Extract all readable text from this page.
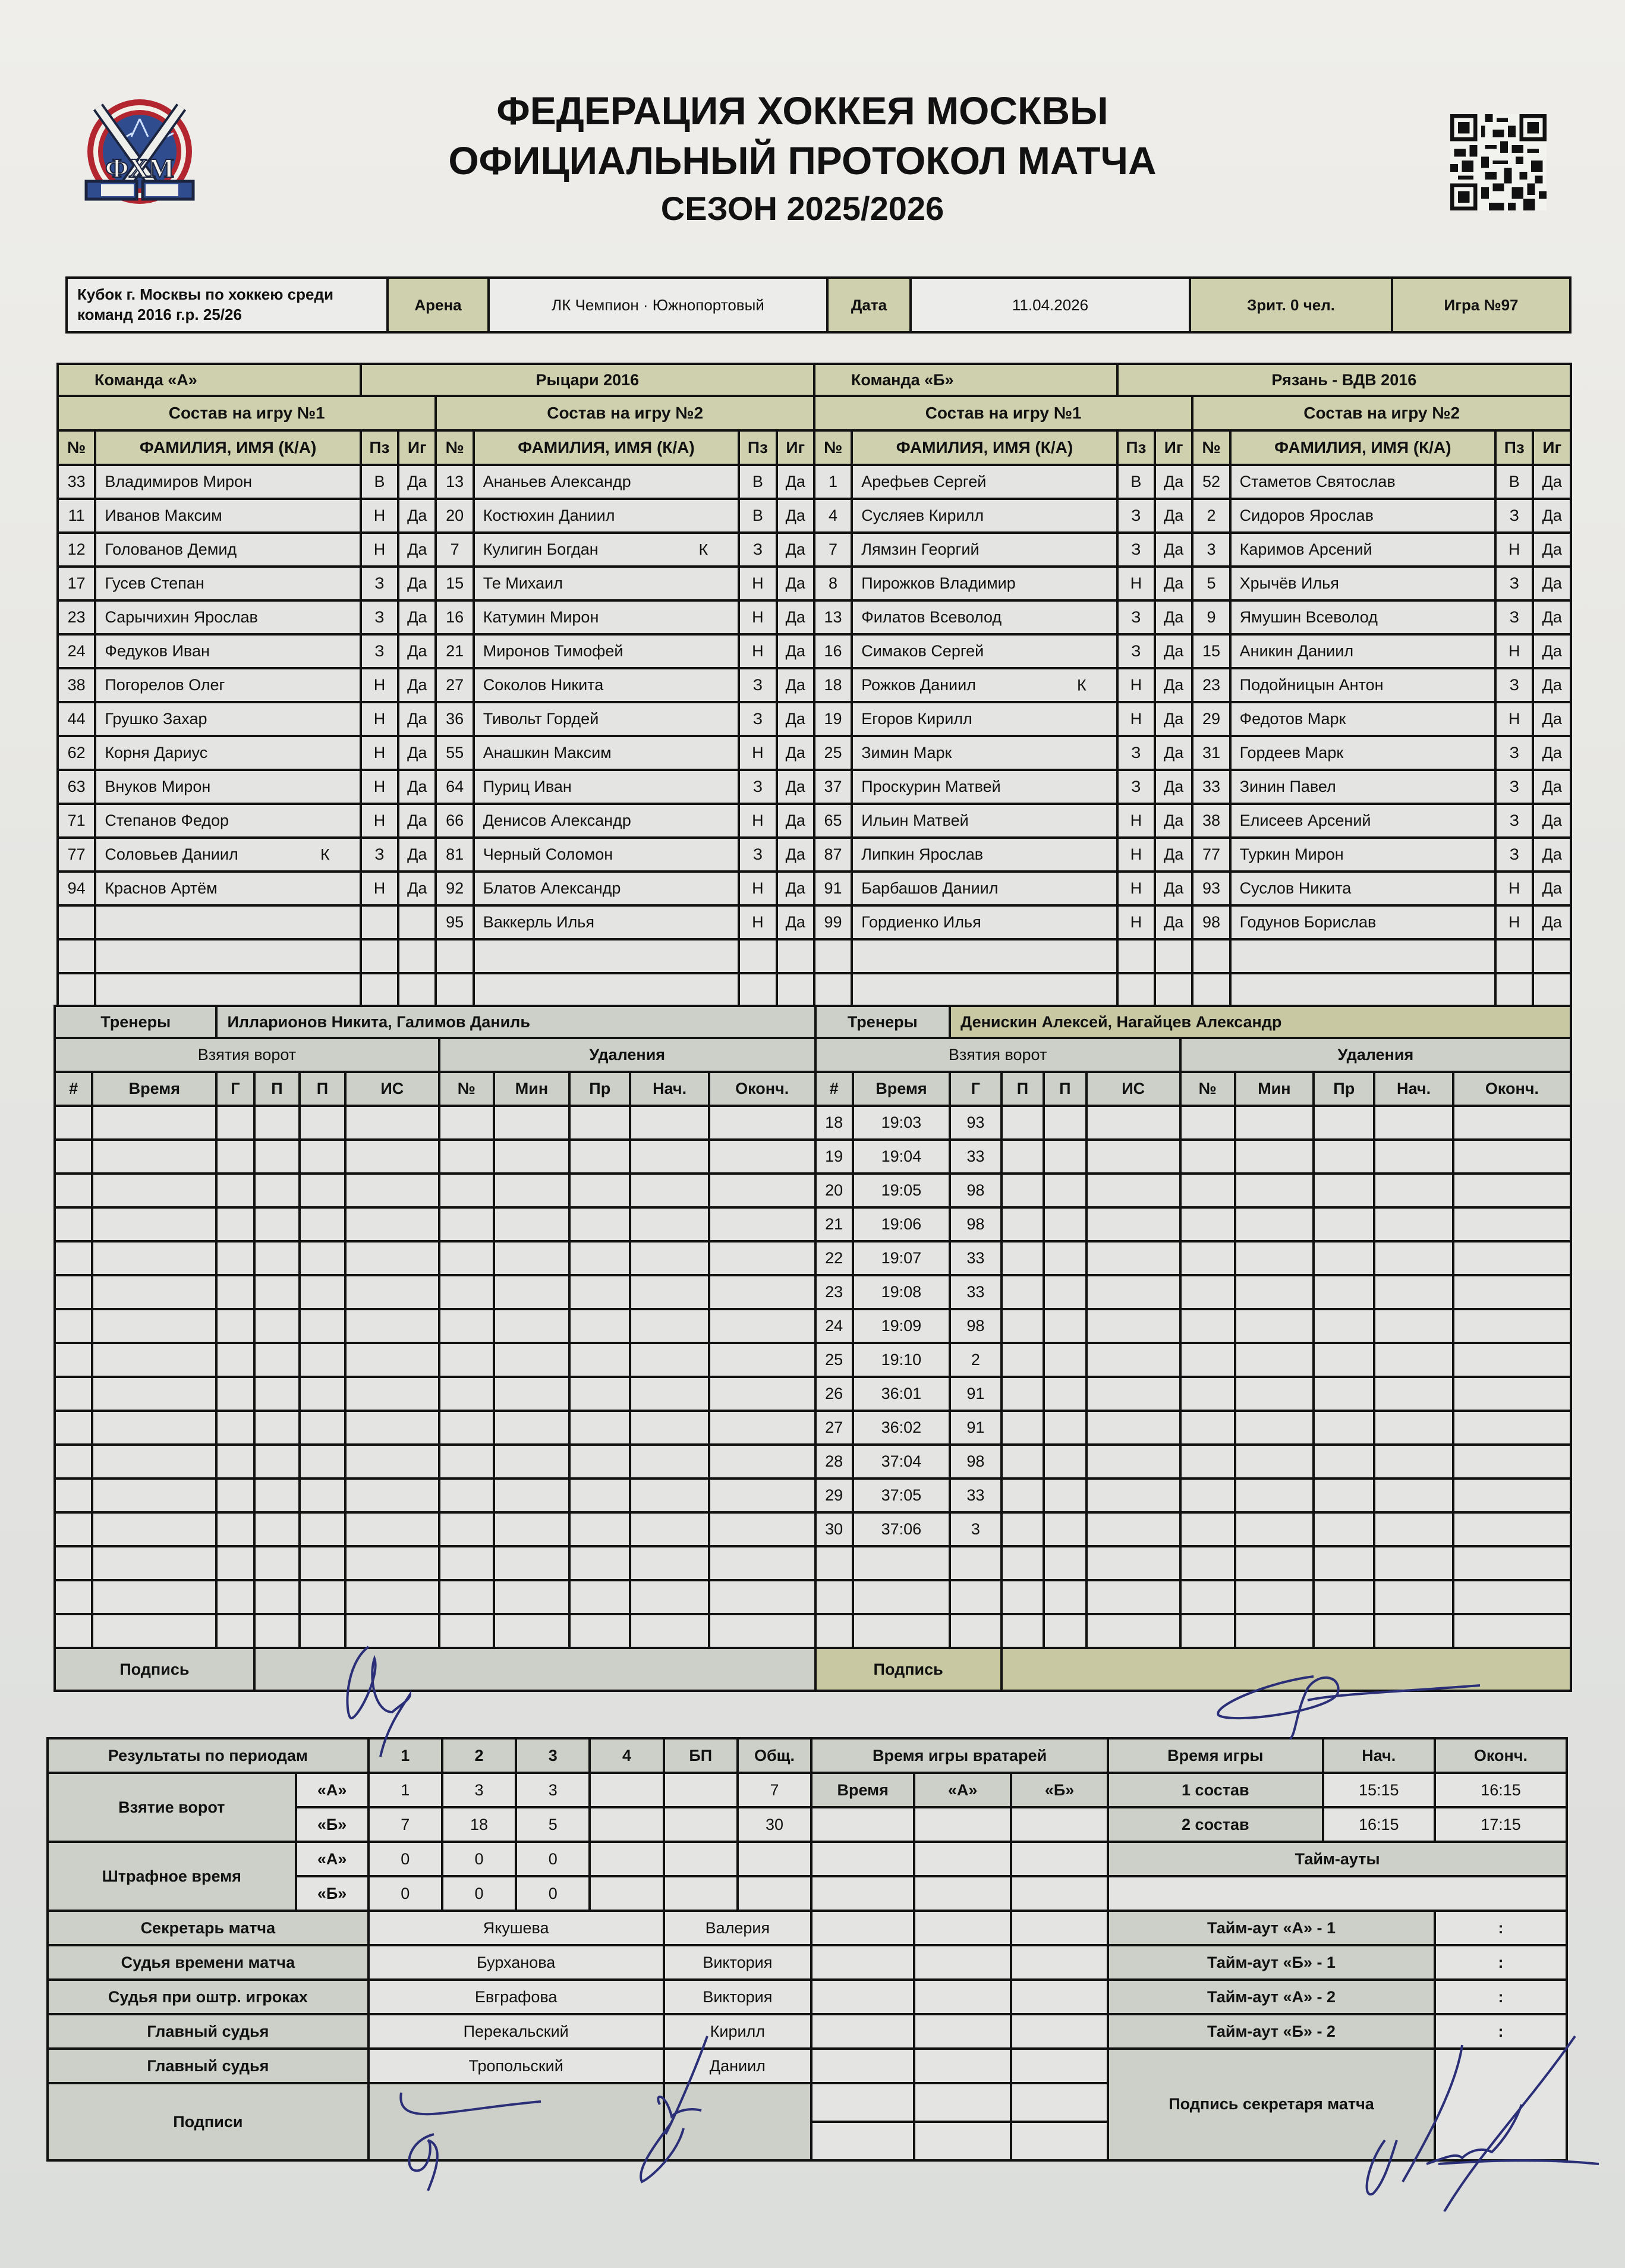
ФХМ
ФЕДЕРАЦИЯ ХОККЕЯ МОСКВЫ
ОФИЦИАЛЬНЫЙ ПРОТОКОЛ МАТЧА
СЕЗОН 2025/2026
Кубок г. Москвы по хоккею среди команд 2016 г.р. 25/26	Арена	ЛК Чемпион · Южнопортовый	Дата	11.04.2026	Зрит. 0 чел.	Игра №97
Команда «А»		Рыцари 2016						Команда «Б»		Рязань - ВДВ 2016					
Состав на игру №1				Состав на игру №2				Состав на игру №1				Состав на игру №2			
№	ФАМИЛИЯ, ИМЯ (К/А)	Пз	Иг	№	ФАМИЛИЯ, ИМЯ (К/А)	Пз	Иг	№	ФАМИЛИЯ, ИМЯ (К/А)	Пз	Иг	№	ФАМИЛИЯ, ИМЯ (К/А)	Пз	Иг
33	Владимиров Мирон	В	Да	13	Ананьев Александр	В	Да	1	Арефьев Сергей	В	Да	52	Стаметов Святослав	В	Да
11	Иванов Максим	Н	Да	20	Костюхин Даниил	В	Да	4	Сусляев Кирилл	З	Да	2	Сидоров Ярослав	З	Да
12	Голованов Демид	Н	Да	7	Кулигин Богдан К	З	Да	7	Лямзин Георгий	З	Да	3	Каримов Арсений	Н	Да
17	Гусев Степан	З	Да	15	Те Михаил	Н	Да	8	Пирожков Владимир	Н	Да	5	Хрычёв Илья	З	Да
23	Сарычихин Ярослав	З	Да	16	Катумин Мирон	Н	Да	13	Филатов Всеволод	З	Да	9	Ямушин Всеволод	З	Да
24	Федуков Иван	З	Да	21	Миронов Тимофей	Н	Да	16	Симаков Сергей	З	Да	15	Аникин Даниил	Н	Да
38	Погорелов Олег	Н	Да	27	Соколов Никита	З	Да	18	Рожков Даниил К	Н	Да	23	Подойницын Антон	З	Да
44	Грушко Захар	Н	Да	36	Тивольт Гордей	З	Да	19	Егоров Кирилл	Н	Да	29	Федотов Марк	Н	Да
62	Корня Дариус	Н	Да	55	Анашкин Максим	Н	Да	25	Зимин Марк	З	Да	31	Гордеев Марк	З	Да
63	Внуков Мирон	Н	Да	64	Пуриц Иван	З	Да	37	Проскурин Матвей	З	Да	33	Зинин Павел	З	Да
71	Степанов Федор	Н	Да	66	Денисов Александр	Н	Да	65	Ильин Матвей	Н	Да	38	Елисеев Арсений	З	Да
77	Соловьев Даниил К	З	Да	81	Черный Соломон	З	Да	87	Липкин Ярослав	Н	Да	77	Туркин Мирон	З	Да
94	Краснов Артём	Н	Да	92	Блатов Александр	Н	Да	91	Барбашов Даниил	Н	Да	93	Суслов Никита	Н	Да
				95	Ваккерль Илья	Н	Да	99	Гордиенко Илья	Н	Да	98	Годунов Борислав	Н	Да

Тренеры		Илларионов Никита, Галимов Даниль									Тренеры		Денискин Алексей, Нагайцев Александр								
Взятия ворот						Удаления					Взятия ворот						Удаления				
#	Время	Г	П	П	ИС	№	Мин	Пр	Нач.	Оконч.	#	Время	Г	П	П	ИС	№	Мин	Пр	Нач.	Оконч.
											18	19:03	93								
											19	19:04	33								
											20	19:05	98								
											21	19:06	98								
											22	19:07	33								
											23	19:08	33								
											24	19:09	98								
											25	19:10	2								
											26	36:01	91								
											27	36:02	91								
											28	37:04	98								
											29	37:05	33								
											30	37:06	3								

Подпись											Подпись										
Результаты по периодам		1	2	3	4	БП	Общ.	Время игры вратарей			Время игры	Нач.	Оконч.
Взятие ворот	«А»	1	3	3			7	Время	«А»	«Б»	1 состав	15:15	16:15
	«Б»	7	18	5			30				2 состав	16:15	17:15
Штрафное время	«А»	0	0	0							Тайм-ауты		
	«Б»	0	0	0									
Секретарь матча		Якушева				Валерия					Тайм-аут «А» - 1		:
Судья времени матча		Бурханова				Виктория					Тайм-аут «Б» - 1		:
Судья при оштр. игроках		Евграфова				Виктория					Тайм-аут «А» - 2		:
Главный судья		Перекальский				Кирилл					Тайм-аут «Б» - 2		:
Главный судья		Тропольский				Даниил					Подпись секретаря матча		
Подписи													
